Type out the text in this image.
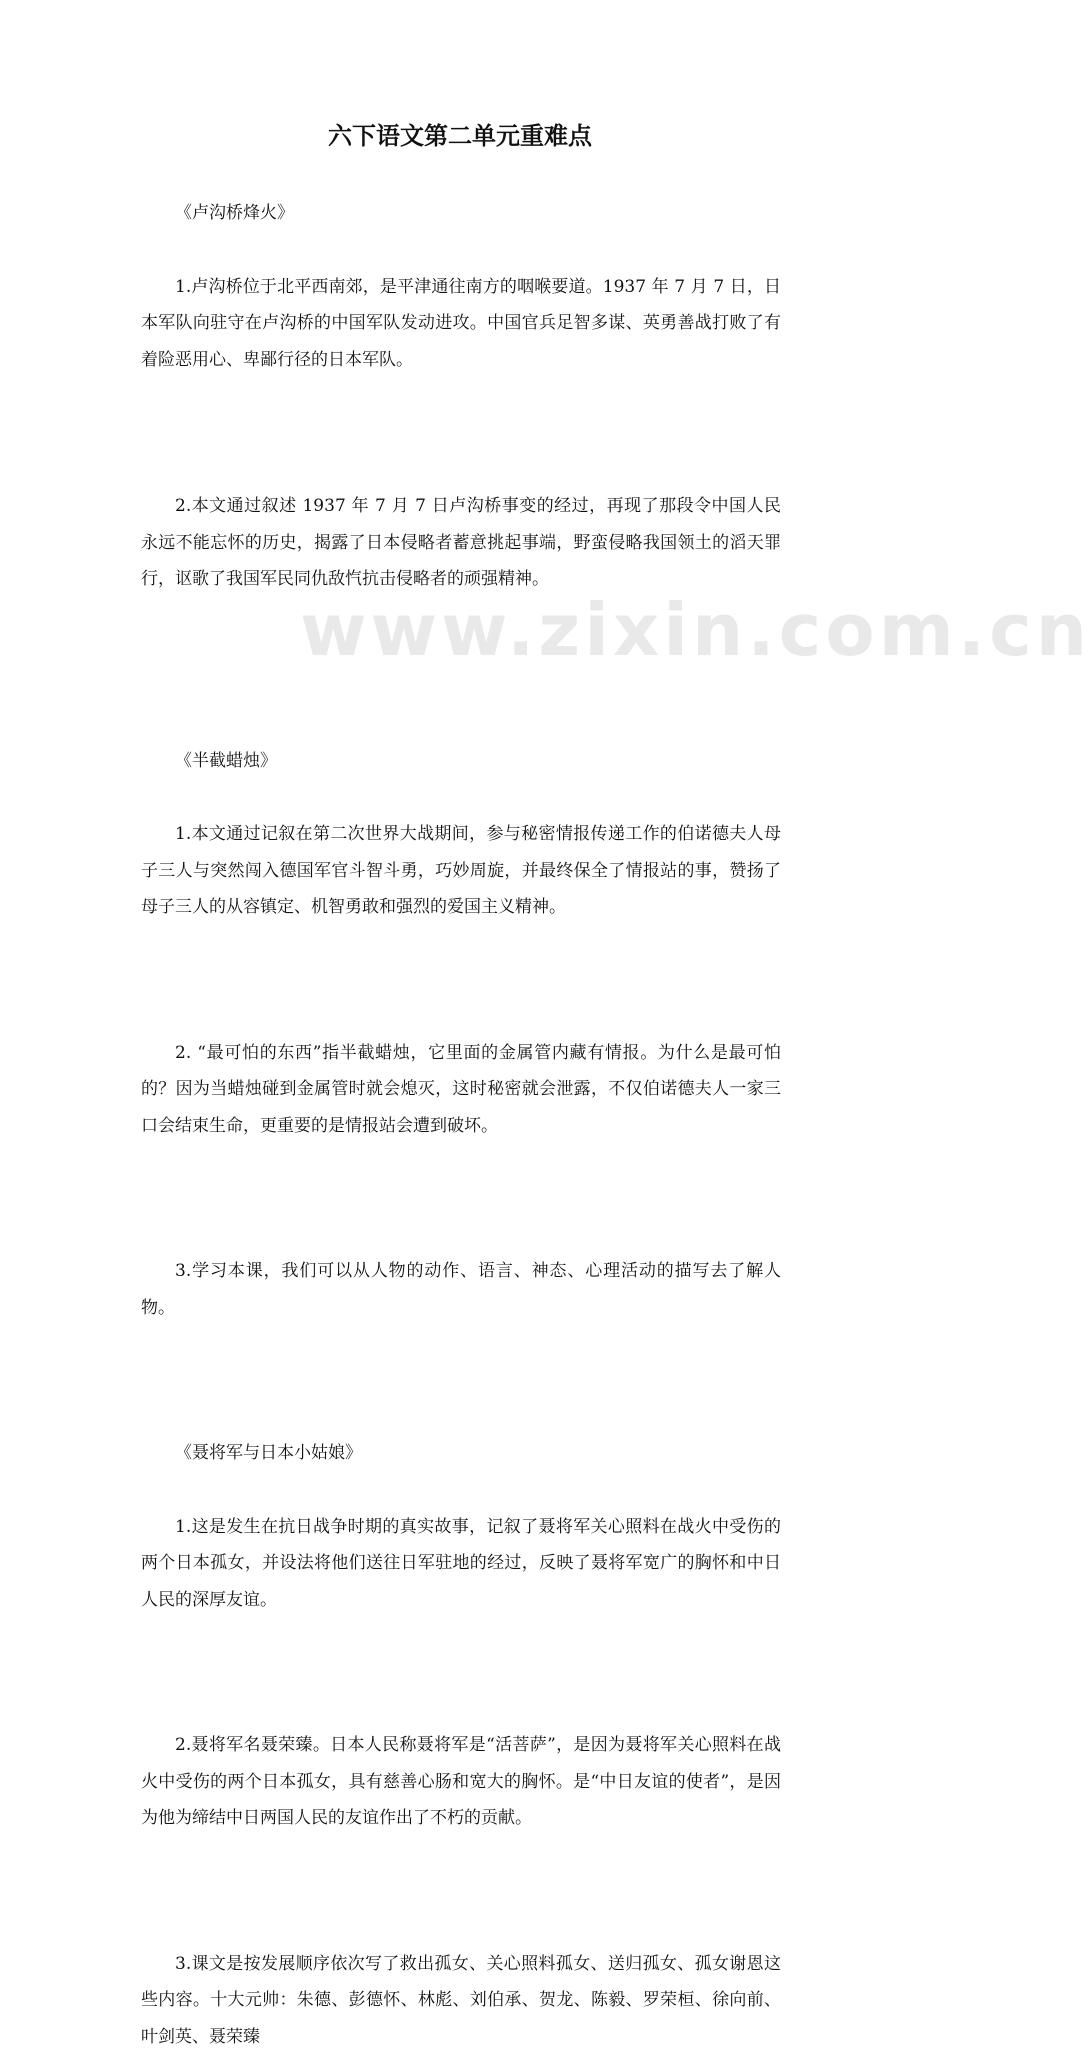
www.zixin.com.cn
六下语文第二单元重难点
《卢沟桥烽火》

1.卢沟桥位于北平西南郊，是平津通往南方的咽喉要道。1937 年 7 月 7 日，日本军队向驻守在卢沟桥的中国军队发动进攻。中国官兵足智多谋、英勇善战打败了有着险恶用心、卑鄙行径的日本军队。

2.本文通过叙述 1937 年 7 月 7 日卢沟桥事变的经过，再现了那段令中国人民永远不能忘怀的历史，揭露了日本侵略者蓄意挑起事端，野蛮侵略我国领土的滔天罪行，讴歌了我国军民同仇敌忾抗击侵略者的顽强精神。

《半截蜡烛》

1.本文通过记叙在第二次世界大战期间，参与秘密情报传递工作的伯诺德夫人母子三人与突然闯入德国军官斗智斗勇，巧妙周旋，并最终保全了情报站的事，赞扬了母子三人的从容镇定、机智勇敢和强烈的爱国主义精神。

2. “最可怕的东西”指半截蜡烛，它里面的金属管内藏有情报。为什么是最可怕的？因为当蜡烛碰到金属管时就会熄灭，这时秘密就会泄露，不仅伯诺德夫人一家三口会结束生命，更重要的是情报站会遭到破坏。

3.学习本课，我们可以从人物的动作、语言、神态、心理活动的描写去了解人物。

《聂将军与日本小姑娘》

1.这是发生在抗日战争时期的真实故事，记叙了聂将军关心照料在战火中受伤的两个日本孤女，并设法将他们送往日军驻地的经过，反映了聂将军宽广的胸怀和中日人民的深厚友谊。

2.聂将军名聂荣臻。日本人民称聂将军是“活菩萨”，是因为聂将军关心照料在战火中受伤的两个日本孤女，具有慈善心肠和宽大的胸怀。是“中日友谊的使者”，是因为他为缔结中日两国人民的友谊作出了不朽的贡献。

3.课文是按发展顺序依次写了救出孤女、关心照料孤女、送归孤女、孤女谢恩这些内容。十大元帅：朱德、彭德怀、林彪、刘伯承、贺龙、陈毅、罗荣桓、徐向前、叶剑英、聂荣臻
